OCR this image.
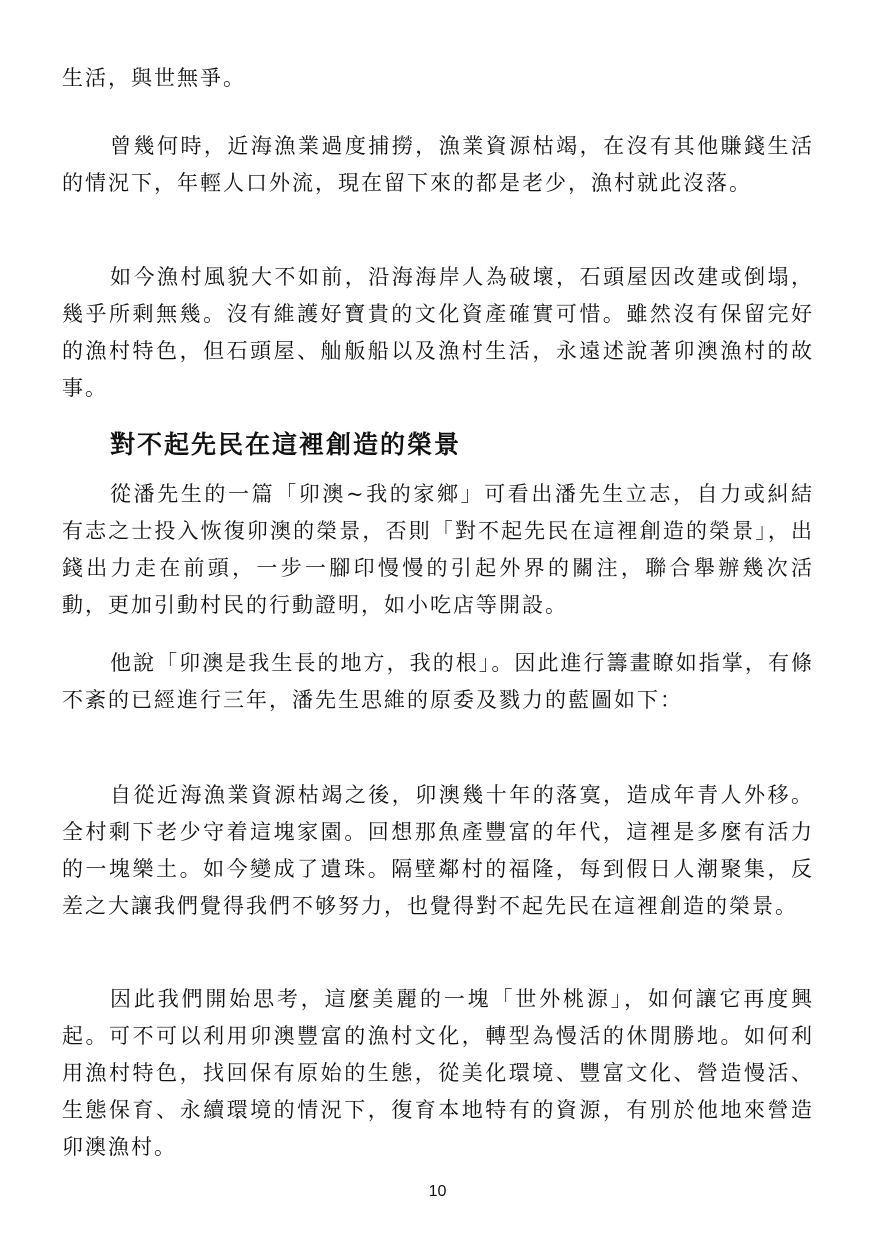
生活，與世無爭。
曾幾何時，近海漁業過度捕撈，漁業資源枯竭，在沒有其他賺錢生活的情況下，年輕人口外流，現在留下來的都是老少，漁村就此沒落。
如今漁村風貌大不如前，沿海海岸人為破壞，石頭屋因改建或倒塌，幾乎所剩無幾。沒有維護好寶貴的文化資產確實可惜。雖然沒有保留完好的漁村特色，但石頭屋、舢舨船以及漁村生活，永遠述說著卯澳漁村的故事。
對不起先民在這裡創造的榮景
從潘先生的一篇「卯澳~我的家鄉」可看出潘先生立志，自力或糾結有志之士投入恢復卯澳的榮景，否則「對不起先民在這裡創造的榮景」，出錢出力走在前頭，一步一腳印慢慢的引起外界的關注，聯合舉辦幾次活動，更加引動村民的行動證明，如小吃店等開設。
他說「卯澳是我生長的地方，我的根」。因此進行籌畫瞭如指掌，有條不紊的已經進行三年，潘先生思維的原委及戮力的藍圖如下：
自從近海漁業資源枯竭之後，卯澳幾十年的落寞，造成年青人外移。全村剩下老少守着這塊家園。回想那魚產豐富的年代，這裡是多麼有活力的一塊樂土。如今變成了遺珠。隔壁鄰村的福隆，每到假日人潮聚集，反差之大讓我們覺得我們不够努力，也覺得對不起先民在這裡創造的榮景。
因此我們開始思考，這麼美麗的一塊「世外桃源」，如何讓它再度興起。可不可以利用卯澳豐富的漁村文化，轉型為慢活的休閒勝地。如何利用漁村特色，找回保有原始的生態，從美化環境、豐富文化、營造慢活、生態保育、永續環境的情況下，復育本地特有的資源，有別於他地來營造卯澳漁村。
10
